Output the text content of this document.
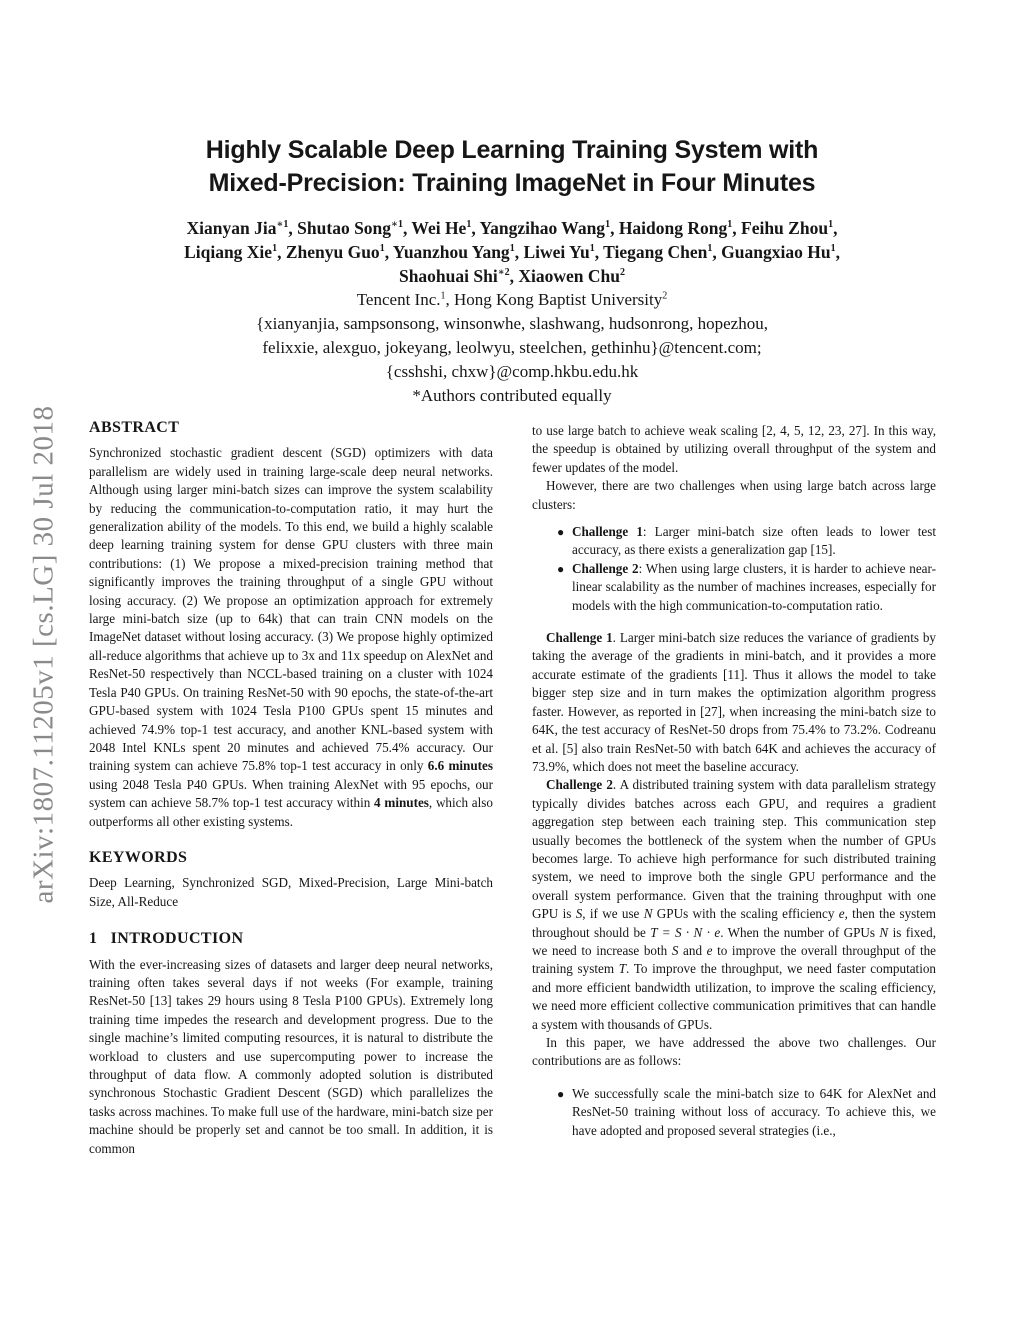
arXiv:1807.11205v1 [cs.LG] 30 Jul 2018
Highly Scalable Deep Learning Training System with
Mixed-Precision: Training ImageNet in Four Minutes
Xianyan Jia$^{∗1}$, Shutao Song$^{∗1}$, Wei He$^1$, Yangzihao Wang$^1$, Haidong Rong$^1$, Feihu Zhou$^1$,
Liqiang Xie$^1$, Zhenyu Guo$^1$, Yuanzhou Yang$^1$, Liwei Yu$^1$, Tiegang Chen$^1$, Guangxiao Hu$^1$,
Shaohuai Shi$^{∗2}$, Xiaowen Chu$^2$
Tencent Inc.$^1$, Hong Kong Baptist University$^2$
{xianyanjia, sampsonsong, winsonwhe, slashwang, hudsonrong, hopezhou,
felixxie, alexguo, jokeyang, leolwyu, steelchen, gethinhu}@tencent.com;
{csshshi, chxw}@comp.hkbu.edu.hk
*Authors contributed equally

ABSTRACT

Synchronized stochastic gradient descent (SGD) optimizers with data parallelism are widely used in training large-scale deep neural networks. Although using larger mini-batch sizes can improve the system scalability by reducing the communication-to-computation ratio, it may hurt the generalization ability of the models. To this end, we build a highly scalable deep learning training system for dense GPU clusters with three main contributions: (1) We propose a mixed-precision training method that significantly improves the training throughput of a single GPU without losing accuracy. (2) We propose an optimization approach for extremely large mini-batch size (up to 64k) that can train CNN models on the ImageNet dataset without losing accuracy. (3) We propose highly optimized all-reduce algorithms that achieve up to 3x and 11x speedup on AlexNet and ResNet-50 respectively than NCCL-based training on a cluster with 1024 Tesla P40 GPUs. On training ResNet-50 with 90 epochs, the state-of-the-art GPU-based system with 1024 Tesla P100 GPUs spent 15 minutes and achieved 74.9% top-1 test accuracy, and another KNL-based system with 2048 Intel KNLs spent 20 minutes and achieved 75.4% accuracy. Our training system can achieve 75.8% top-1 test accuracy in only 6.6 minutes using 2048 Tesla P40 GPUs. When training AlexNet with 95 epochs, our system can achieve 58.7% top-1 test accuracy within 4 minutes, which also outperforms all other existing systems.

KEYWORDS

Deep Learning, Synchronized SGD, Mixed-Precision, Large Mini-batch Size, All-Reduce

1 INTRODUCTION

With the ever-increasing sizes of datasets and larger deep neural networks, training often takes several days if not weeks (For example, training ResNet-50 [13] takes 29 hours using 8 Tesla P100 GPUs). Extremely long training time impedes the research and development progress. Due to the single machine’s limited computing resources, it is natural to distribute the workload to clusters and use supercomputing power to increase the throughput of data flow. A commonly adopted solution is distributed synchronous Stochastic Gradient Descent (SGD) which parallelizes the tasks across machines. To make full use of the hardware, mini-batch size per machine should be properly set and cannot be too small. In addition, it is common

to use large batch to achieve weak scaling [2, 4, 5, 12, 23, 27]. In this way, the speedup is obtained by utilizing overall throughput of the system and fewer updates of the model.

However, there are two challenges when using large batch across large clusters:

● Challenge 1: Larger mini-batch size often leads to lower test accuracy, as there exists a generalization gap [15].
● Challenge 2: When using large clusters, it is harder to achieve near-linear scalability as the number of machines increases, especially for models with the high communication-to-computation ratio.

Challenge 1. Larger mini-batch size reduces the variance of gradients by taking the average of the gradients in mini-batch, and it provides a more accurate estimate of the gradients [11]. Thus it allows the model to take bigger step size and in turn makes the optimization algorithm progress faster. However, as reported in [27], when increasing the mini-batch size to 64K, the test accuracy of ResNet-50 drops from 75.4% to 73.2%. Codreanu et al. [5] also train ResNet-50 with batch 64K and achieves the accuracy of 73.9%, which does not meet the baseline accuracy.

Challenge 2. A distributed training system with data parallelism strategy typically divides batches across each GPU, and requires a gradient aggregation step between each training step. This communication step usually becomes the bottleneck of the system when the number of GPUs becomes large. To achieve high performance for such distributed training system, we need to improve both the single GPU performance and the overall system performance. Given that the training throughput with one GPU is S, if we use N GPUs with the scaling efficiency e, then the system throughout should be T = S · N · e. When the number of GPUs N is fixed, we need to increase both S and e to improve the overall throughput of the training system T. To improve the throughput, we need faster computation and more efficient bandwidth utilization, to improve the scaling efficiency, we need more efficient collective communication primitives that can handle a system with thousands of GPUs.

In this paper, we have addressed the above two challenges. Our contributions are as follows:

● We successfully scale the mini-batch size to 64K for AlexNet and ResNet-50 training without loss of accuracy. To achieve this, we have adopted and proposed several strategies (i.e.,
